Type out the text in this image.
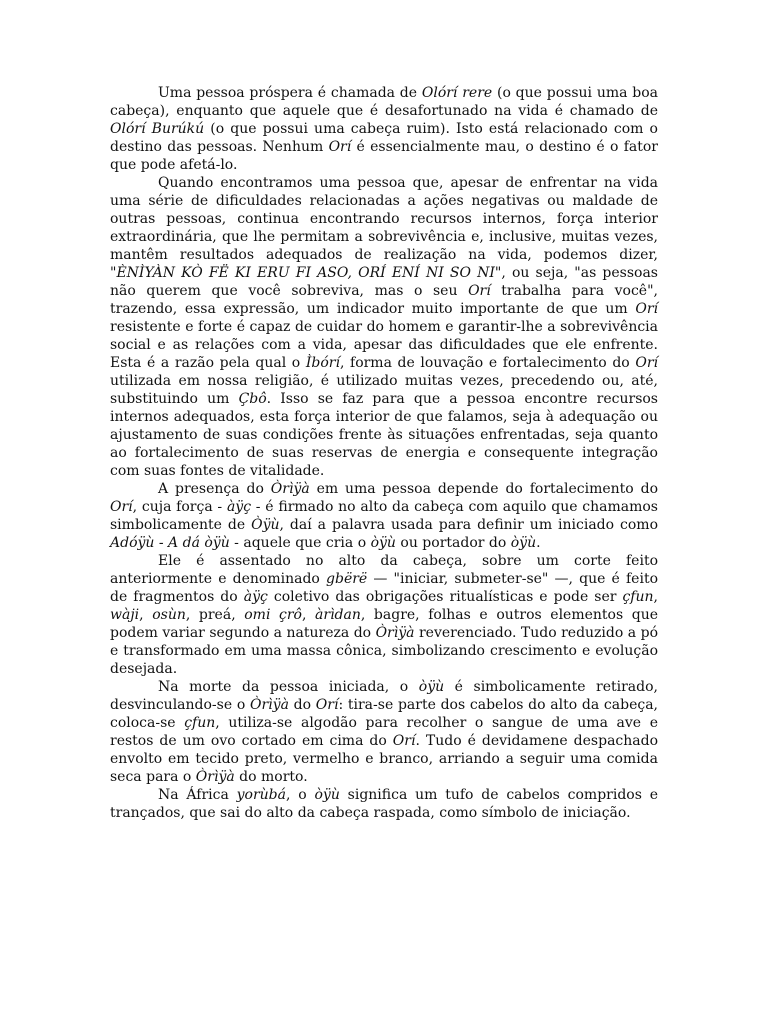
Uma pessoa próspera é chamada de Olórí rere (o que possui uma boa cabeça), enquanto que aquele que é desafortunado na vida é chamado de Olórí Burúkú (o que possui uma cabeça ruim). Isto está relacionado com o destino das pessoas. Nenhum Orí é essencialmente mau, o destino é o fator que pode afetá-lo.

Quando encontramos uma pessoa que, apesar de enfrentar na vida uma série de dificuldades relacionadas a ações negativas ou maldade de outras pessoas, continua encontrando recursos internos, força interior extraordinária, que lhe permitam a sobrevivência e, inclusive, muitas vezes, mantêm resultados adequados de realização na vida, podemos dizer, "ÈNÌYÀN KÒ FË KI ERU FI ASO, ORÍ ENÍ NI SO NI", ou seja, "as pessoas não querem que você sobreviva, mas o seu Orí trabalha para você", trazendo, essa expressão, um indicador muito importante de que um Orí resistente e forte é capaz de cuidar do homem e garantir-lhe a sobrevivência social e as relações com a vida, apesar das dificuldades que ele enfrente. Esta é a razão pela qual o Ìbórí, forma de louvação e fortalecimento do Orí utilizada em nossa religião, é utilizado muitas vezes, precedendo ou, até, substituindo um Çbô. Isso se faz para que a pessoa encontre recursos internos adequados, esta força interior de que falamos, seja à adequação ou ajustamento de suas condições frente às situações enfrentadas, seja quanto ao fortalecimento de suas reservas de energia e consequente integração com suas fontes de vitalidade.

A presença do Òrìÿà em uma pessoa depende do fortalecimento do Orí, cuja força - àÿç - é firmado no alto da cabeça com aquilo que chamamos simbolicamente de Òÿù, daí a palavra usada para definir um iniciado como Adóÿù - A dá òÿù - aquele que cria o òÿù ou portador do òÿù.

Ele é assentado no alto da cabeça, sobre um corte feito anteriormente e denominado gbërë — "iniciar, submeter-se" —, que é feito de fragmentos do àÿç coletivo das obrigações ritualísticas e pode ser çfun, wàji, osùn, preá, omi çrô, àrìdan, bagre, folhas e outros elementos que podem variar segundo a natureza do Òrìÿà reverenciado. Tudo reduzido a pó e transformado em uma massa cônica, simbolizando crescimento e evolução desejada.

Na morte da pessoa iniciada, o òÿù é simbolicamente retirado, desvinculando-se o Òrìÿà do Orí: tira-se parte dos cabelos do alto da cabeça, coloca-se çfun, utiliza-se algodão para recolher o sangue de uma ave e restos de um ovo cortado em cima do Orí. Tudo é devidamene despachado envolto em tecido preto, vermelho e branco, arriando a seguir uma comida seca para o Òrìÿà do morto.

Na África yorùbá, o òÿù significa um tufo de cabelos compridos e trançados, que sai do alto da cabeça raspada, como símbolo de iniciação.
